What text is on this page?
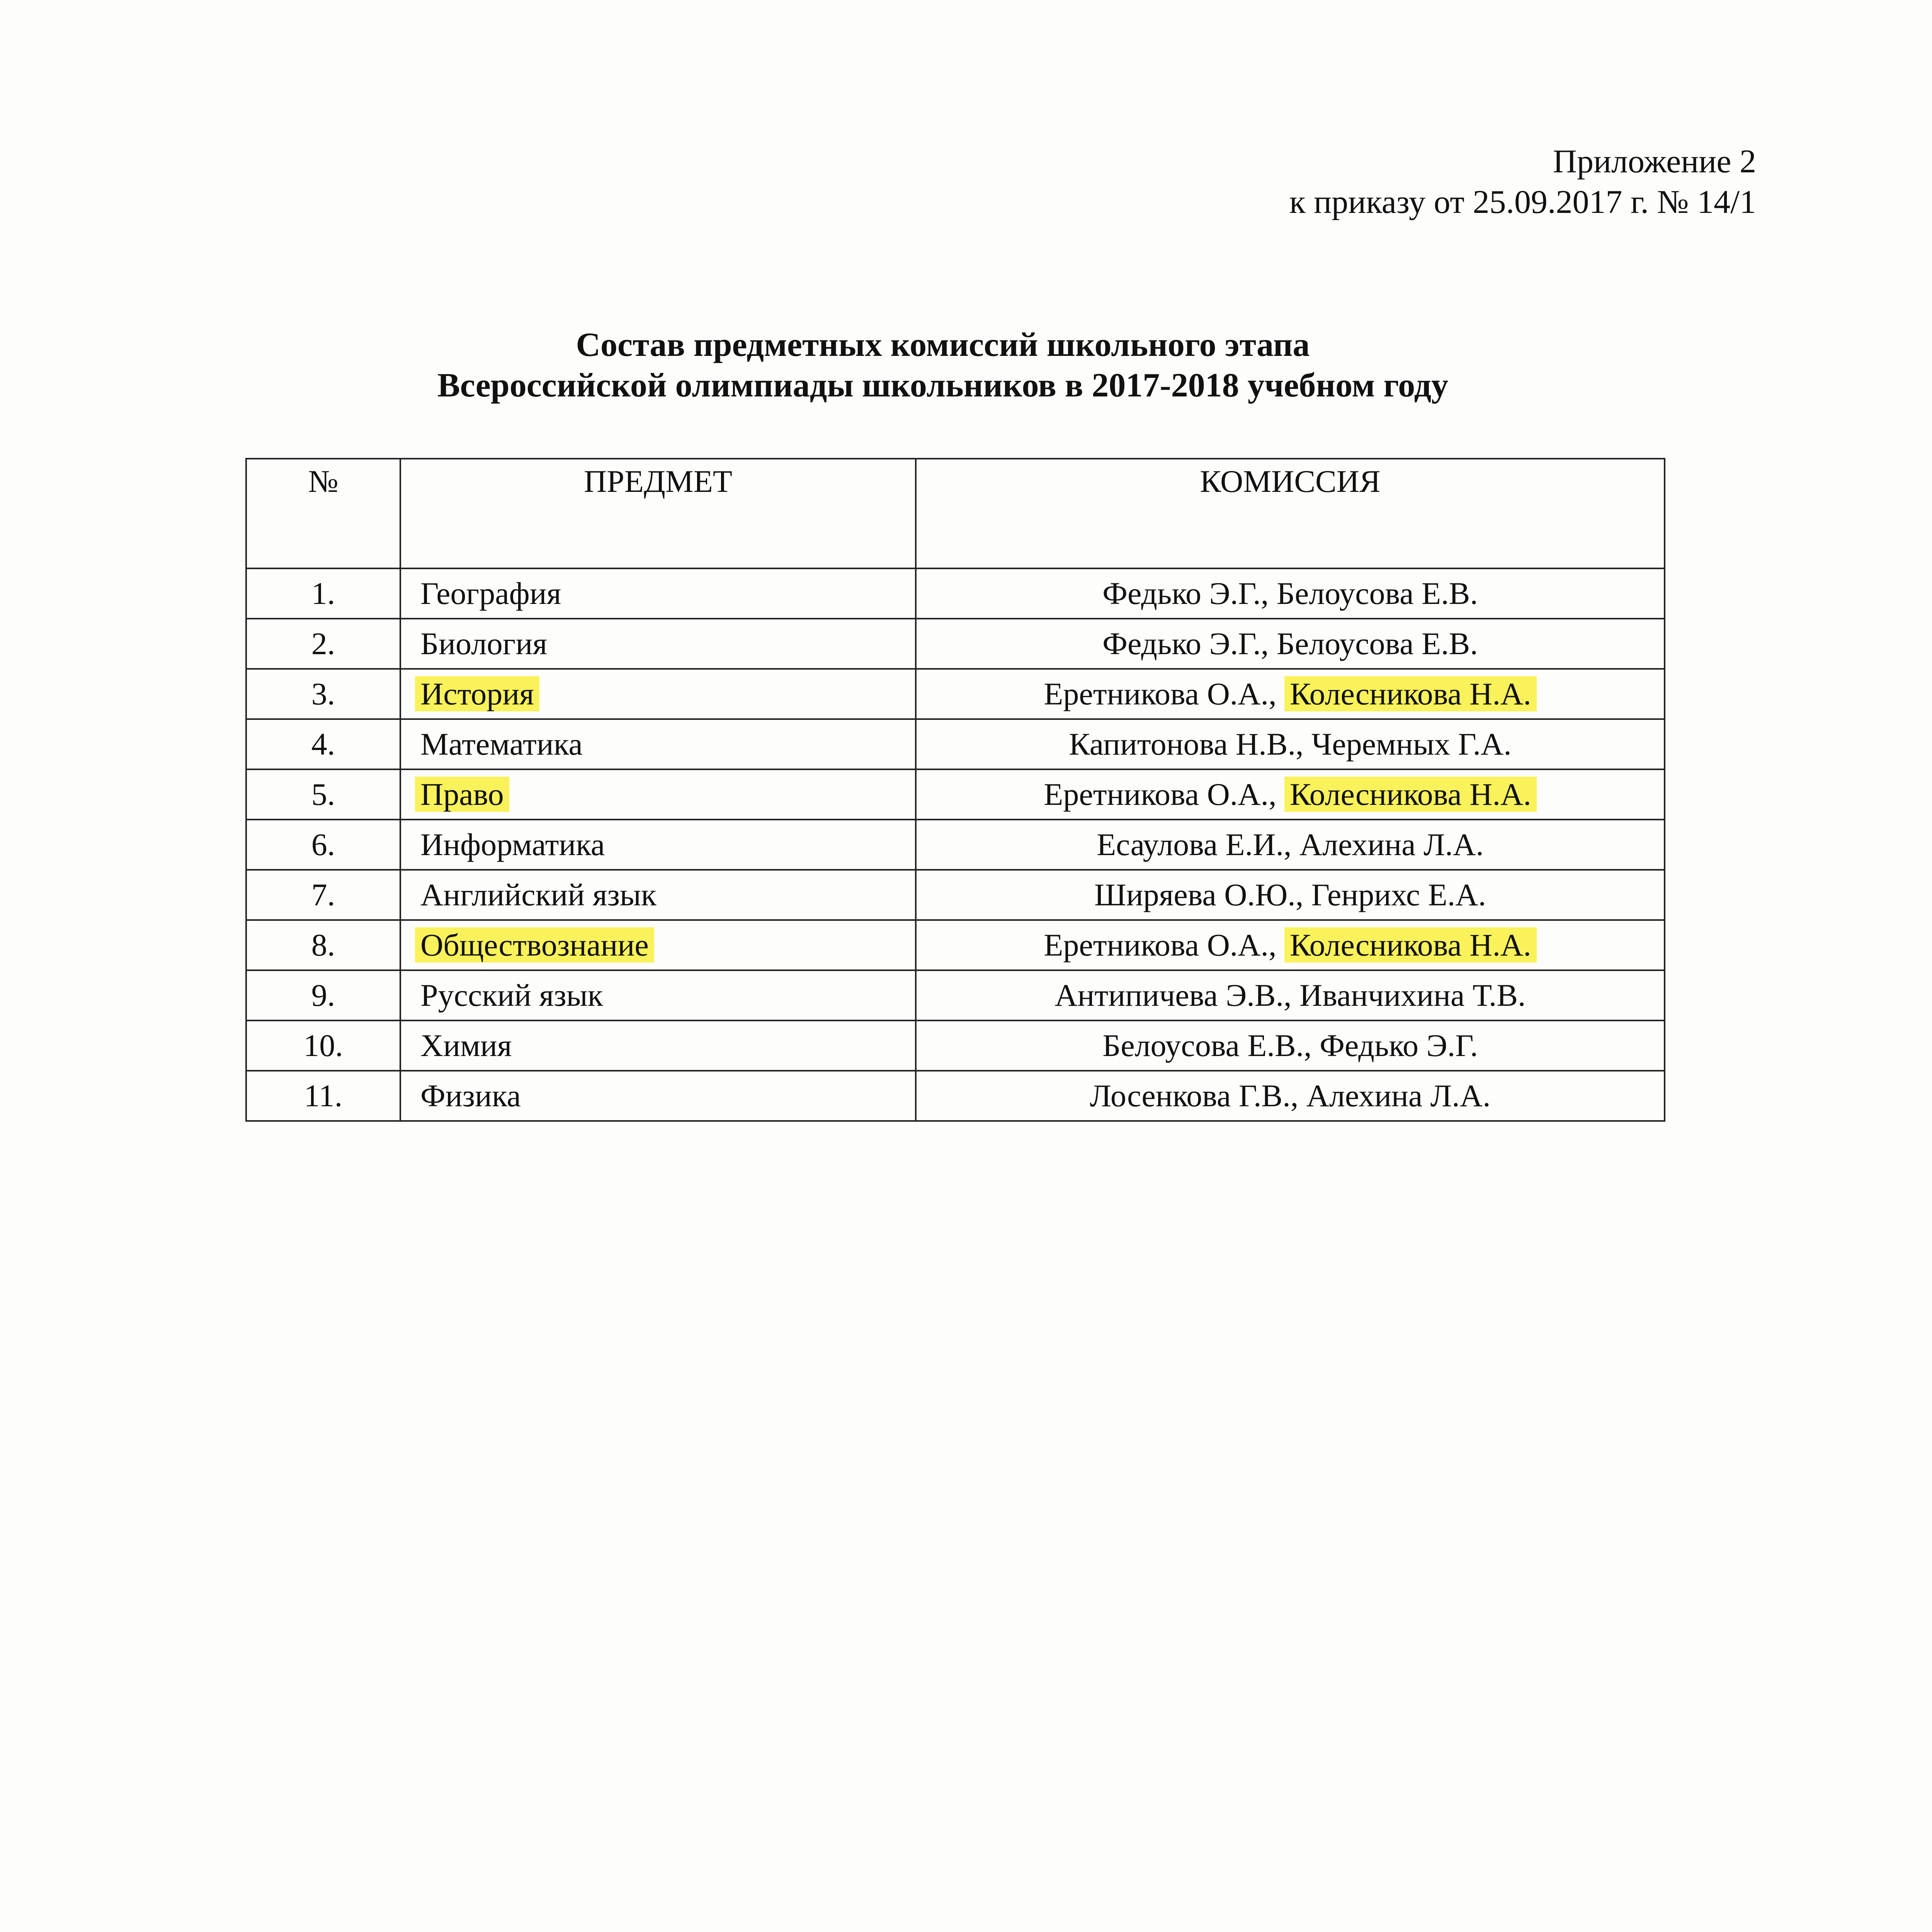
Приложение 2
к приказу от 25.09.2017 г. № 14/1
Состав предметных комиссий школьного этапа
Всероссийской олимпиады школьников в 2017-2018 учебном году
№	ПРЕДМЕТ	КОМИССИЯ
1.	География	Федько Э.Г., Белоусова Е.В.
2.	Биология	Федько Э.Г., Белоусова Е.В.
3.	История	Еретникова О.А., Колесникова Н.А.
4.	Математика	Капитонова Н.В., Черемных Г.А.
5.	Право	Еретникова О.А., Колесникова Н.А.
6.	Информатика	Есаулова Е.И., Алехина Л.А.
7.	Английский язык	Ширяева О.Ю., Генрихс Е.А.
8.	Обществознание	Еретникова О.А., Колесникова Н.А.
9.	Русский язык	Антипичева Э.В., Иванчихина Т.В.
10.	Химия	Белоусова Е.В., Федько Э.Г.
11.	Физика	Лосенкова Г.В., Алехина Л.А.
